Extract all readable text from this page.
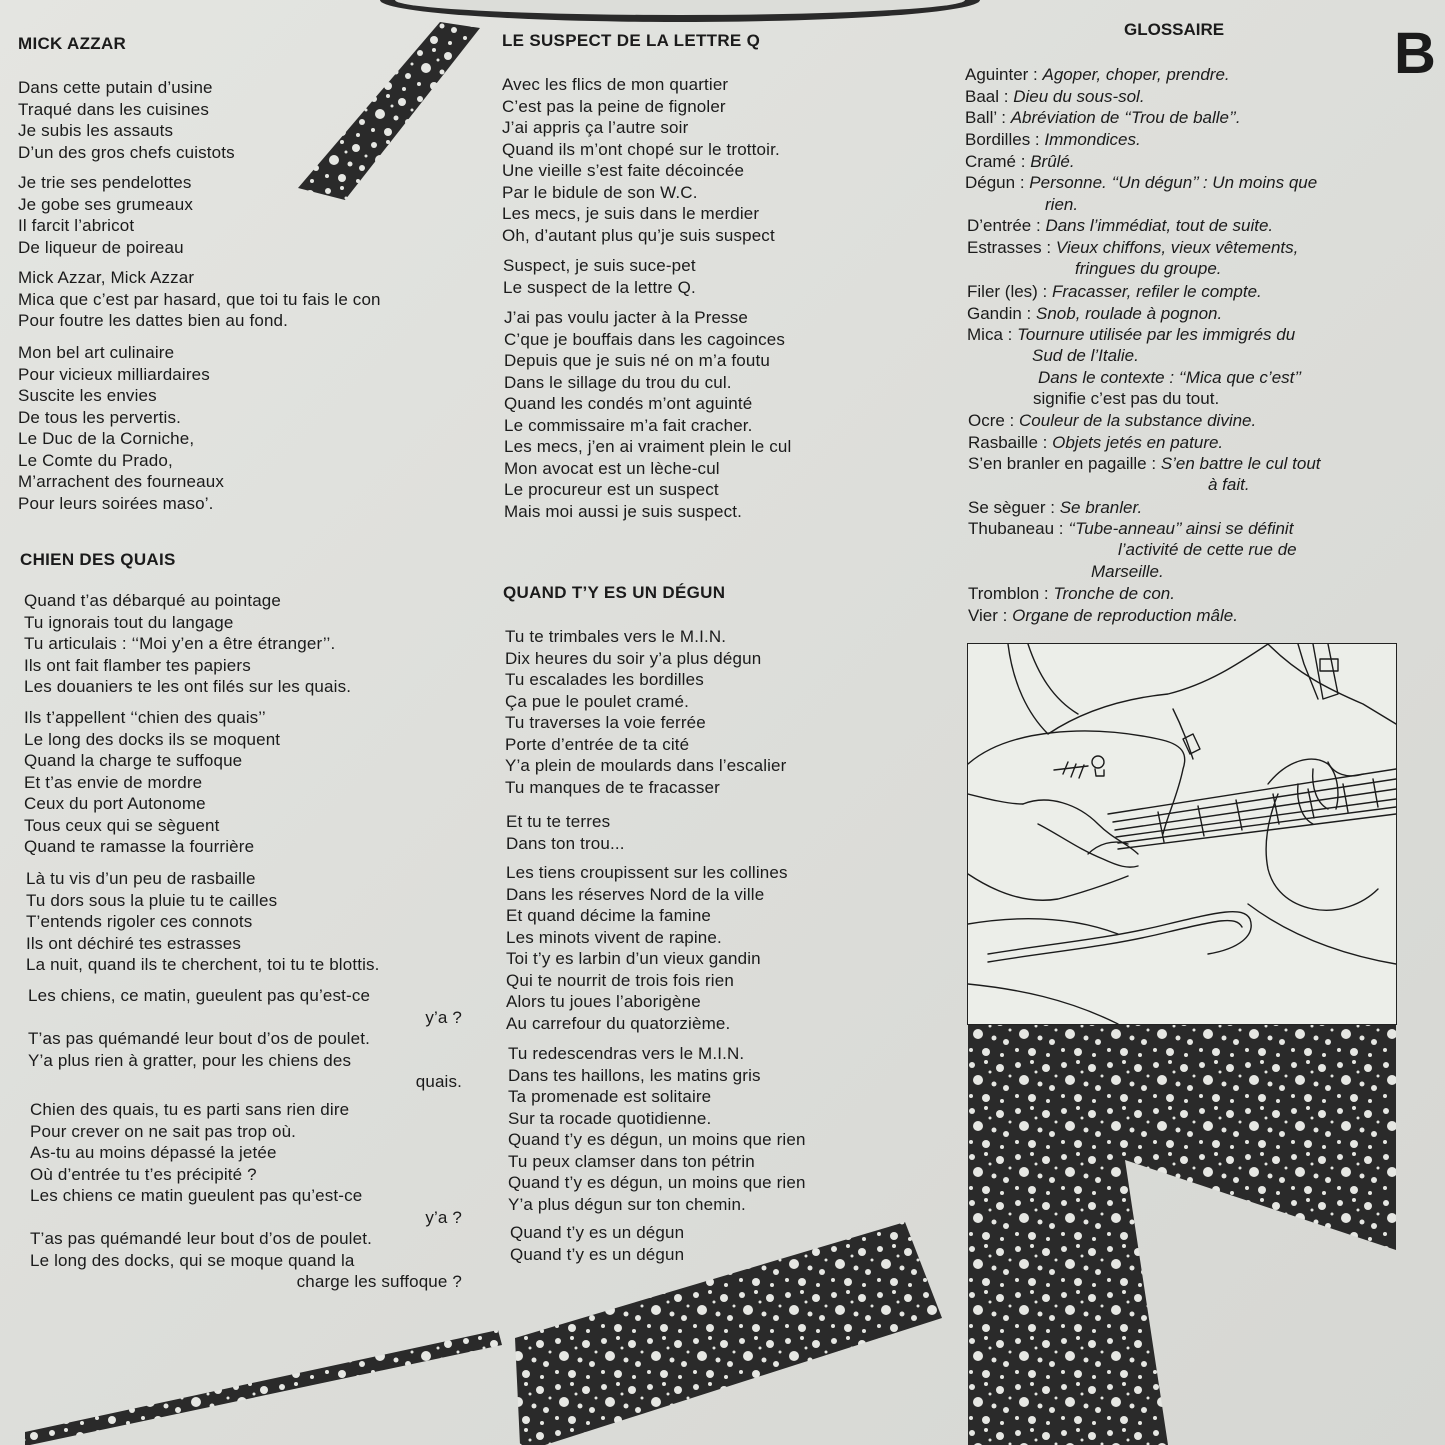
B
MICK AZZAR
Dans cette putain d’usine
Traqué dans les cuisines
Je subis les assauts
D’un des gros chefs cuistots
Je trie ses pendelottes
Je gobe ses grumeaux
Il farcit l’abricot
De liqueur de poireau
Mick Azzar, Mick Azzar
Mica que c’est par hasard, que toi tu fais le con
Pour foutre les dattes bien au fond.
Mon bel art culinaire
Pour vicieux milliardaires
Suscite les envies
De tous les pervertis.
Le Duc de la Corniche,
Le Comte du Prado,
M’arrachent des fourneaux
Pour leurs soirées maso’.
CHIEN DES QUAIS
Quand t’as débarqué au pointage
Tu ignorais tout du langage
Tu articulais : ‘‘Moi y’en a être étranger’’.
Ils ont fait flamber tes papiers
Les douaniers te les ont filés sur les quais.
Ils t’appellent ‘‘chien des quais’’
Le long des docks ils se moquent
Quand la charge te suffoque
Et t’as envie de mordre
Ceux du port Autonome
Tous ceux qui se sèguent
Quand te ramasse la fourrière
Là tu vis d’un peu de rasbaille
Tu dors sous la pluie tu te cailles
T’entends rigoler ces connots
Ils ont déchiré tes estrasses
La nuit, quand ils te cherchent, toi tu te blottis.
Les chiens, ce matin, gueulent pas qu’est-ce
y’a ?
T’as pas quémandé leur bout d’os de poulet.
Y’a plus rien à gratter, pour les chiens des
quais.
Chien des quais, tu es parti sans rien dire
Pour crever on ne sait pas trop où.
As-tu au moins dépassé la jetée
Où d’entrée tu t’es précipité ?
Les chiens ce matin gueulent pas qu’est-ce
y’a ?
T’as pas quémandé leur bout d’os de poulet.
Le long des docks, qui se moque quand la
charge les suffoque ?
LE SUSPECT DE LA LETTRE Q
Avec les flics de mon quartier
C’est pas la peine de fignoler
J’ai appris ça l’autre soir
Quand ils m’ont chopé sur le trottoir.
Une vieille s’est faite décoincée
Par le bidule de son W.C.
Les mecs, je suis dans le merdier
Oh, d’autant plus qu’je suis suspect
Suspect, je suis suce-pet
Le suspect de la lettre Q.
J’ai pas voulu jacter à la Presse
C’que je bouffais dans les cagoinces
Depuis que je suis né on m’a foutu
Dans le sillage du trou du cul.
Quand les condés m’ont aguinté
Le commissaire m’a fait cracher.
Les mecs, j’en ai vraiment plein le cul
Mon avocat est un lèche-cul
Le procureur est un suspect
Mais moi aussi je suis suspect.
QUAND T’Y ES UN DÉGUN
Tu te trimbales vers le M.I.N.
Dix heures du soir y’a plus dégun
Tu escalades les bordilles
Ça pue le poulet cramé.
Tu traverses la voie ferrée
Porte d’entrée de ta cité
Y’a plein de moulards dans l’escalier
Tu manques de te fracasser
Et tu te terres
Dans ton trou...
Les tiens croupissent sur les collines
Dans les réserves Nord de la ville
Et quand décime la famine
Les minots vivent de rapine.
Toi t’y es larbin d’un vieux gandin
Qui te nourrit de trois fois rien
Alors tu joues l’aborigène
Au carrefour du quatorzième.
Tu redescendras vers le M.I.N.
Dans tes haillons, les matins gris
Ta promenade est solitaire
Sur ta rocade quotidienne.
Quand t’y es dégun, un moins que rien
Tu peux clamser dans ton pétrin
Quand t’y es dégun, un moins que rien
Y’a plus dégun sur ton chemin.
Quand t’y es un dégun
Quand t’y es un dégun
GLOSSAIRE
Aguinter : Agoper, choper, prendre.
Baal : Dieu du sous-sol.
Ball’ : Abréviation de ‘‘Trou de balle’’.
Bordilles : Immondices.
Cramé : Brûlé.
Dégun : Personne. ‘‘Un dégun’’ : Un moins que
rien.
D’entrée : Dans l’immédiat, tout de suite.
Estrasses : Vieux chiffons, vieux vêtements,
fringues du groupe.
Filer (les) : Fracasser, refiler le compte.
Gandin : Snob, roulade à pognon.
Mica : Tournure utilisée par les immigrés du
Sud de l’Italie.
Dans le contexte : ‘‘Mica que c’est’’
signifie c’est pas du tout.
Ocre : Couleur de la substance divine.
Rasbaille : Objets jetés en pature.
S’en branler en pagaille : S’en battre le cul tout
à fait.
Se sèguer : Se branler.
Thubaneau : ‘‘Tube-anneau’’ ainsi se définit
l’activité de cette rue de
Marseille.
Tromblon : Tronche de con.
Vier : Organe de reproduction mâle.
